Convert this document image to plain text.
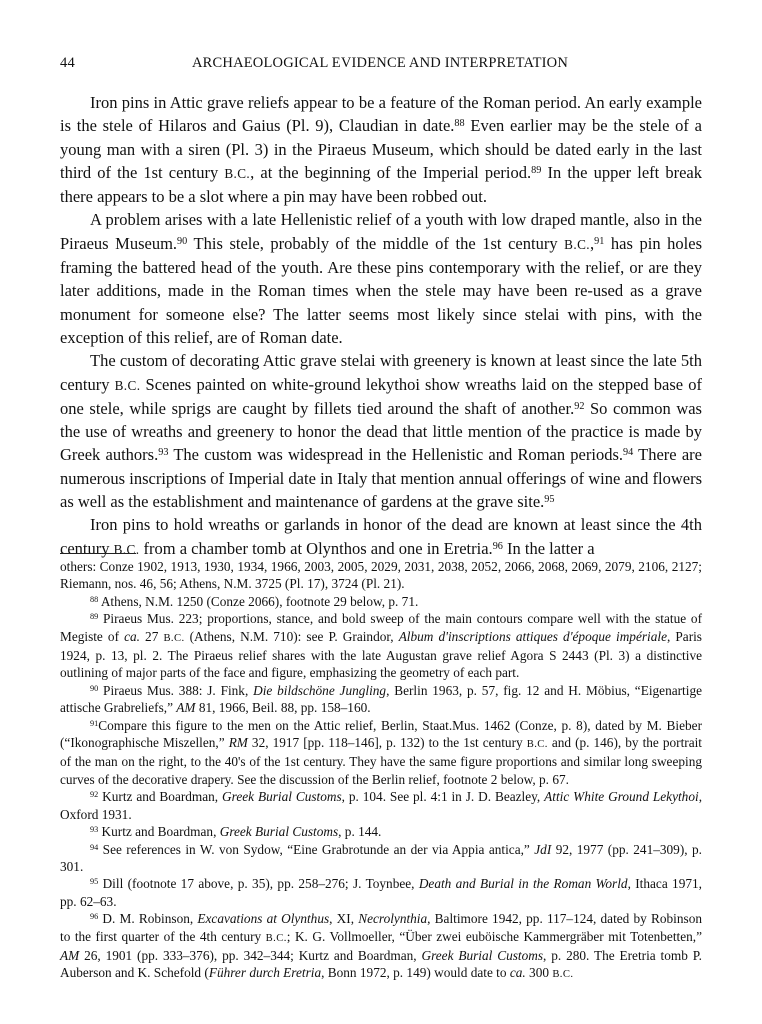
44	ARCHAEOLOGICAL EVIDENCE AND INTERPRETATION

Iron pins in Attic grave reliefs appear to be a feature of the Roman period. An early example is the stele of Hilaros and Gaius (Pl. 9), Claudian in date.$^{88}$ Even earlier may be the stele of a young man with a siren (Pl. 3) in the Piraeus Museum, which should be dated early in the last third of the 1st century B.C., at the beginning of the Imperial period.$^{89}$ In the upper left break there appears to be a slot where a pin may have been robbed out.

A problem arises with a late Hellenistic relief of a youth with low draped mantle, also in the Piraeus Museum.$^{90}$ This stele, probably of the middle of the 1st century B.C.,$^{91}$ has pin holes framing the battered head of the youth. Are these pins contemporary with the relief, or are they later additions, made in the Roman times when the stele may have been re-used as a grave monument for someone else? The latter seems most likely since stelai with pins, with the exception of this relief, are of Roman date.

The custom of decorating Attic grave stelai with greenery is known at least since the late 5th century B.C. Scenes painted on white-ground lekythoi show wreaths laid on the stepped base of one stele, while sprigs are caught by fillets tied around the shaft of another.$^{92}$ So common was the use of wreaths and greenery to honor the dead that little mention of the practice is made by Greek authors.$^{93}$ The custom was widespread in the Hellenistic and Roman periods.$^{94}$ There are numerous inscriptions of Imperial date in Italy that mention annual offerings of wine and flowers as well as the establishment and maintenance of gardens at the grave site.$^{95}$

Iron pins to hold wreaths or garlands in honor of the dead are known at least since the 4th century B.C. from a chamber tomb at Olynthos and one in Eretria.$^{96}$ In the latter a

others: Conze 1902, 1913, 1930, 1934, 1966, 2003, 2005, 2029, 2031, 2038, 2052, 2066, 2068, 2069, 2079, 2106, 2127; Riemann, nos. 46, 56; Athens, N.M. 3725 (Pl. 17), 3724 (Pl. 21).

$^{88}$ Athens, N.M. 1250 (Conze 2066), footnote 29 below, p. 71.

$^{89}$ Piraeus Mus. 223; proportions, stance, and bold sweep of the main contours compare well with the statue of Megiste of ca. 27 B.C. (Athens, N.M. 710): see P. Graindor, Album d'inscriptions attiques d'époque impériale, Paris 1924, p. 13, pl. 2. The Piraeus relief shares with the late Augustan grave relief Agora S 2443 (Pl. 3) a distinctive outlining of major parts of the face and figure, emphasizing the geometry of each part.

$^{90}$ Piraeus Mus. 388: J. Fink, Die bildschöne Jungling, Berlin 1963, p. 57, fig. 12 and H. Möbius, “Eigenartige attische Grabreliefs,” AM 81, 1966, Beil. 88, pp. 158–160.

$^{91}$Compare this figure to the men on the Attic relief, Berlin, Staat.Mus. 1462 (Conze, p. 8), dated by M. Bieber (“Ikonographische Miszellen,” RM 32, 1917 [pp. 118–146], p. 132) to the 1st century B.C. and (p. 146), by the portrait of the man on the right, to the 40's of the 1st century. They have the same figure proportions and similar long sweeping curves of the decorative drapery. See the discussion of the Berlin relief, footnote 2 below, p. 67.

$^{92}$ Kurtz and Boardman, Greek Burial Customs, p. 104. See pl. 4:1 in J. D. Beazley, Attic White Ground Lekythoi, Oxford 1931.

$^{93}$ Kurtz and Boardman, Greek Burial Customs, p. 144.

$^{94}$ See references in W. von Sydow, “Eine Grabrotunde an der via Appia antica,” JdI 92, 1977 (pp. 241–309), p. 301.

$^{95}$ Dill (footnote 17 above, p. 35), pp. 258–276; J. Toynbee, Death and Burial in the Roman World, Ithaca 1971, pp. 62–63.

$^{96}$ D. M. Robinson, Excavations at Olynthus, XI, Necrolynthia, Baltimore 1942, pp. 117–124, dated by Robinson to the first quarter of the 4th century B.C.; K. G. Vollmoeller, “Über zwei euböische Kammergräber mit Totenbetten,” AM 26, 1901 (pp. 333–376), pp. 342–344; Kurtz and Boardman, Greek Burial Customs, p. 280. The Eretria tomb P. Auberson and K. Schefold (Führer durch Eretria, Bonn 1972, p. 149) would date to ca. 300 B.C.
